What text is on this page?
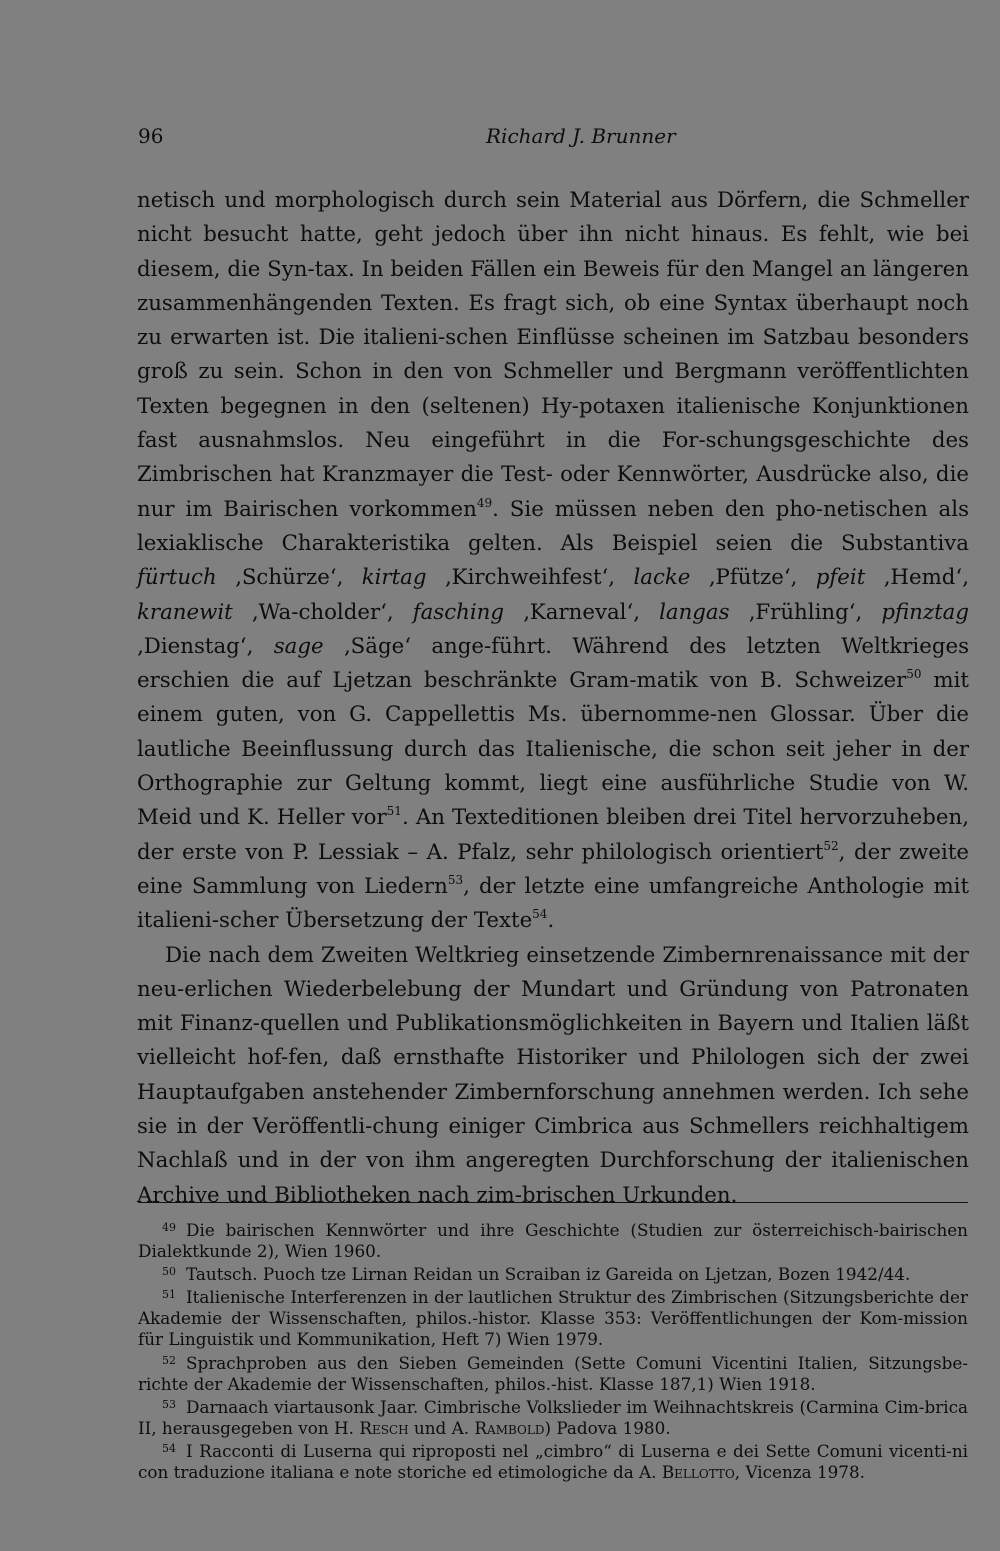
96	Richard J. Brunner

netisch und morphologisch durch sein Material aus Dörfern, die Schmeller nicht besucht hatte, geht jedoch über ihn nicht hinaus. Es fehlt, wie bei diesem, die Syn-tax. In beiden Fällen ein Beweis für den Mangel an längeren zusammenhängenden Texten. Es fragt sich, ob eine Syntax überhaupt noch zu erwarten ist. Die italieni-schen Einflüsse scheinen im Satzbau besonders groß zu sein. Schon in den von Schmeller und Bergmann veröffentlichten Texten begegnen in den (seltenen) Hy-potaxen italienische Konjunktionen fast ausnahmslos. Neu eingeführt in die For-schungsgeschichte des Zimbrischen hat Kranzmayer die Test- oder Kennwörter, Ausdrücke also, die nur im Bairischen vorkommen$^{49}$. Sie müssen neben den pho-netischen als lexiaklische Charakteristika gelten. Als Beispiel seien die Substantiva fürtuch ‚Schürze‘, kirtag ‚Kirchweihfest‘, lacke ‚Pfütze‘, pfeit ‚Hemd‘, kranewit ‚Wa-cholder‘, fasching ‚Karneval‘, langas ‚Frühling‘, pfinztag ‚Dienstag‘, sage ‚Säge‘ ange-führt. Während des letzten Weltkrieges erschien die auf Ljetzan beschränkte Gram-matik von B. Schweizer$^{50}$ mit einem guten, von G. Cappellettis Ms. übernomme-nen Glossar. Über die lautliche Beeinflussung durch das Italienische, die schon seit jeher in der Orthographie zur Geltung kommt, liegt eine ausführliche Studie von W. Meid und K. Heller vor$^{51}$. An Texteditionen bleiben drei Titel hervorzuheben, der erste von P. Lessiak – A. Pfalz, sehr philologisch orientiert$^{52}$, der zweite eine Sammlung von Liedern$^{53}$, der letzte eine umfangreiche Anthologie mit italieni-scher Übersetzung der Texte$^{54}$.

Die nach dem Zweiten Weltkrieg einsetzende Zimbernrenaissance mit der neu-erlichen Wiederbelebung der Mundart und Gründung von Patronaten mit Finanz-quellen und Publikationsmöglichkeiten in Bayern und Italien läßt vielleicht hof-fen, daß ernsthafte Historiker und Philologen sich der zwei Hauptaufgaben anstehender Zimbernforschung annehmen werden. Ich sehe sie in der Veröffentli-chung einiger Cimbrica aus Schmellers reichhaltigem Nachlaß und in der von ihm angeregten Durchforschung der italienischen Archive und Bibliotheken nach zim-brischen Urkunden.

49 Die bairischen Kennwörter und ihre Geschichte (Studien zur österreichisch-bairischen Dialektkunde 2), Wien 1960.

50 Tautsch. Puoch tze Lirnan Reidan un Scraiban iz Gareida on Ljetzan, Bozen 1942/44.

51 Italienische Interferenzen in der lautlichen Struktur des Zimbrischen (Sitzungsberichte der Akademie der Wissenschaften, philos.-histor. Klasse 353: Veröffentlichungen der Kom-mission für Linguistik und Kommunikation, Heft 7) Wien 1979.

52 Sprachproben aus den Sieben Gemeinden (Sette Comuni Vicentini Italien, Sitzungsbe-richte der Akademie der Wissenschaften, philos.-hist. Klasse 187,1) Wien 1918.

53 Darnaach viartausonk Jaar. Cimbrische Volkslieder im Weihnachtskreis (Carmina Cim-brica II, herausgegeben von H. Resch und A. Rambold) Padova 1980.

54 I Racconti di Luserna qui riproposti nel „cimbro“ di Luserna e dei Sette Comuni vicenti-ni con traduzione italiana e note storiche ed etimologiche da A. Bellotto, Vicenza 1978.
